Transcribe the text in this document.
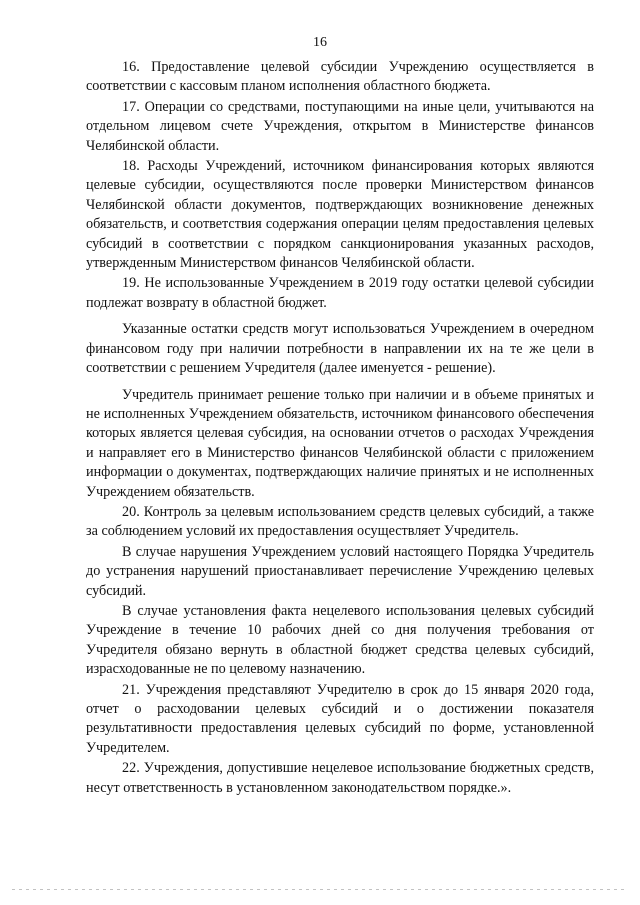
16

16. Предоставление целевой субсидии Учреждению осуществляется в соответствии с кассовым планом исполнения областного бюджета.

17. Операции со средствами, поступающими на иные цели, учитываются на отдельном лицевом счете Учреждения, открытом в Министерстве финансов Челябинской области.

18. Расходы Учреждений, источником финансирования которых являются целевые субсидии, осуществляются после проверки Министерством финансов Челябинской области документов, подтверждающих возникновение денежных обязательств, и соответствия содержания операции целям предоставления целевых субсидий в соответствии с порядком санкционирования указанных расходов, утвержденным Министерством финансов Челябинской области.

19. Не использованные Учреждением в 2019 году остатки целевой субсидии подлежат возврату в областной бюджет.

Указанные остатки средств могут использоваться Учреждением в очередном финансовом году при наличии потребности в направлении их на те же цели в соответствии с решением Учредителя (далее именуется - решение).

Учредитель принимает решение только при наличии и в объеме принятых и не исполненных Учреждением обязательств, источником финансового обеспечения которых является целевая субсидия, на основании отчетов о расходах Учреждения и направляет его в Министерство финансов Челябинской области с приложением информации о документах, подтверждающих наличие принятых и не исполненных Учреждением обязательств.

20. Контроль за целевым использованием средств целевых субсидий, а также за соблюдением условий их предоставления осуществляет Учредитель.

В случае нарушения Учреждением условий настоящего Порядка Учредитель до устранения нарушений приостанавливает перечисление Учреждению целевых субсидий.

В случае установления факта нецелевого использования целевых субсидий Учреждение в течение 10 рабочих дней со дня получения требования от Учредителя обязано вернуть в областной бюджет средства целевых субсидий, израсходованные не по целевому назначению.

21. Учреждения представляют Учредителю в срок до 15 января 2020 года, отчет о расходовании целевых субсидий и о достижении показателя результативности предоставления целевых субсидий по форме, установленной Учредителем.

22. Учреждения, допустившие нецелевое использование бюджетных средств, несут ответственность в установленном законодательством порядке.».
